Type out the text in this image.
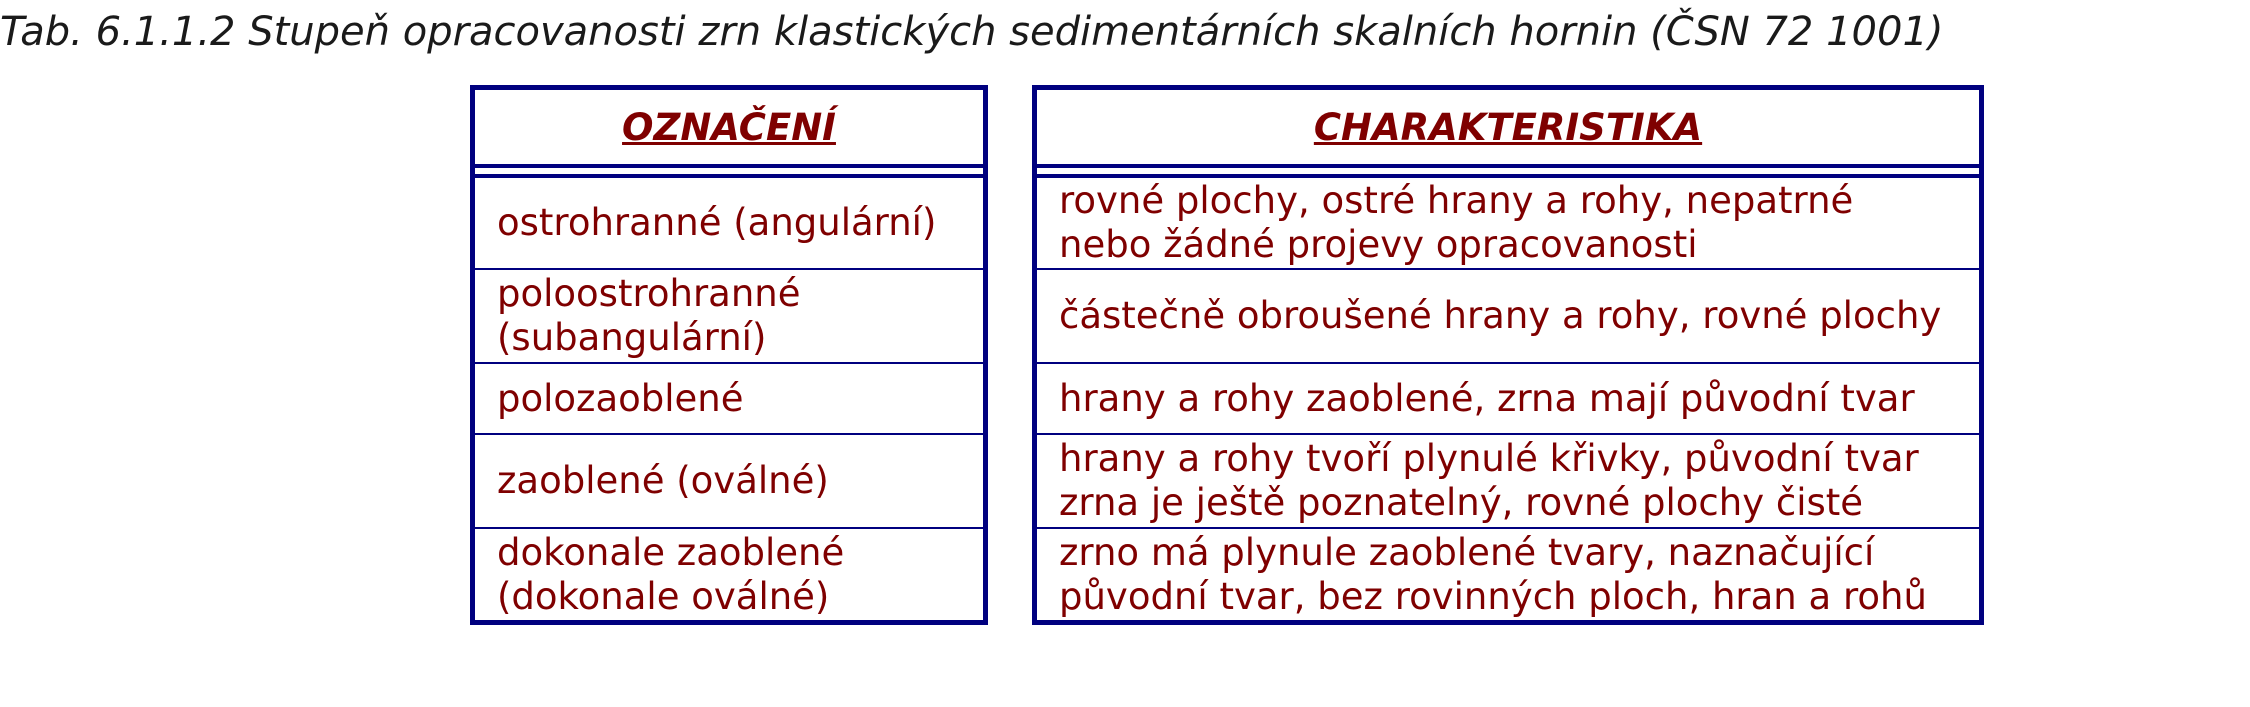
Tab. 6.1.1.2 Stupeň opracovanosti zrn klastických sedimentárních skalních hornin (ČSN 72 1001)
OZNAČENÍ
ostrohranné (angulární)
poloostrohranné
(subangulární)
polozaoblené
zaoblené (oválné)
dokonale zaoblené
(dokonale oválné)
CHARAKTERISTIKA
rovné plochy, ostré hrany a rohy, nepatrné
nebo žádné projevy opracovanosti
částečně obroušené hrany a rohy, rovné plochy
hrany a rohy zaoblené, zrna mají původní tvar
hrany a rohy tvoří plynulé křivky, původní tvar
zrna je ještě poznatelný, rovné plochy čisté
zrno má plynule zaoblené tvary, naznačující
původní tvar, bez rovinných ploch, hran a rohů
